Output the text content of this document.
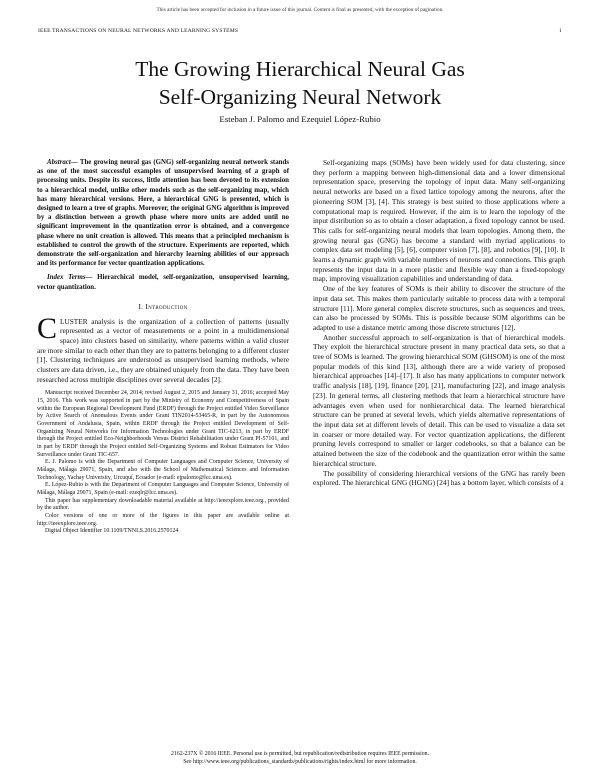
This article has been accepted for inclusion in a future issue of this journal. Content is final as presented, with the exception of pagination.
IEEE TRANSACTIONS ON NEURAL NETWORKS AND LEARNING SYSTEMS	1
The Growing Hierarchical Neural Gas
Self-Organizing Neural Network
Esteban J. Palomo and Ezequiel López-Rubio

Abstract— The growing neural gas (GNG) self-organizing neural network stands as one of the most successful examples of unsupervised learning of a graph of processing units. Despite its success, little attention has been devoted to its extension to a hierarchical model, unlike other models such as the self-organizing map, which has many hierarchical versions. Here, a hierarchical GNG is presented, which is designed to learn a tree of graphs. Moreover, the original GNG algorithm is improved by a distinction between a growth phase where more units are added until no significant improvement in the quantization error is obtained, and a convergence phase where no unit creation is allowed. This means that a principled mechanism is established to control the growth of the structure. Experiments are reported, which demonstrate the self-organization and hierarchy learning abilities of our approach and its performance for vector quantization applications.

Index Terms— Hierarchical model, self-organization, unsupervised learning, vector quantization.

I. Introduction

CLUSTER analysis is the organization of a collection of patterns (usually represented as a vector of measurements or a point in a multidimensional space) into clusters based on similarity, where patterns within a valid cluster are more similar to each other than they are to patterns belonging to a different cluster [1]. Clustering techniques are understood as unsupervised learning methods, where clusters are data driven, i.e., they are obtained uniquely from the data. They have been researched across multiple disciplines over several decades [2].

Manuscript received December 24, 2014; revised August 2, 2015 and January 31, 2016; accepted May 15, 2016. This work was supported in part by the Ministry of Economy and Competitiveness of Spain within the European Regional Development Fund (ERDF) through the Project entitled Video Surveillance by Active Search of Anomalous Events under Grant TIN2014-53465-R, in part by the Autonomous Government of Andalusia, Spain, within ERDF through the Project entitled Development of Self-Organizing Neural Networks for Information Technologies under Grant TIC-6213, in part by ERDF through the Project entitled Eco-Neighborhoods Versus District Rehabilitation under Grant PI-57101, and in part by ERDF through the Project entitled Self-Organizing Systems and Robust Estimators for Video Surveillance under Grant TIC-657.

E. J. Palomo is with the Department of Computer Languages and Computer Science, University of Málaga, Málaga 29071, Spain, and also with the School of Mathematical Sciences and Information Technology, Yachay University, Urcuquí, Ecuador (e-mail: ejpalomo@lcc.uma.es).

E. López-Rubio is with the Department of Computer Languages and Computer Science, University of Málaga, Málaga 29071, Spain (e-mail: ezeqlr@lcc.uma.es).

This paper has supplementary downloadable material available at http://ieeexplore.ieee.org., provided by the author.

Color versions of one or more of the figures in this paper are available online at http://ieeexplore.ieee.org.

Digital Object Identifier 10.1109/TNNLS.2016.2570124

Self-organizing maps (SOMs) have been widely used for data clustering, since they perform a mapping between high-dimensional data and a lower dimensional representation space, preserving the topology of input data. Many self-organizing neural networks are based on a fixed lattice topology among the neurons, after the pioneering SOM [3], [4]. This strategy is best suited to those applications where a computational map is required. However, if the aim is to learn the topology of the input distribution so as to obtain a closer adaptation, a fixed topology cannot be used. This calls for self-organizing neural models that learn topologies. Among them, the growing neural gas (GNG) has become a standard with myriad applications to complex data set modeling [5], [6], computer vision [7], [8], and robotics [9], [10]. It learns a dynamic graph with variable numbers of neurons and connections. This graph represents the input data in a more plastic and flexible way than a fixed-topology map, improving visualization capabilities and understanding of data.

One of the key features of SOMs is their ability to discover the structure of the input data set. This makes them particularly suitable to process data with a temporal structure [11]. More general complex discrete structures, such as sequences and trees, can also be processed by SOMs. This is possible because SOM algorithms can be adapted to use a distance metric among those discrete structures [12].

Another successful approach to self-organization is that of hierarchical models. They exploit the hierarchical structure present in many practical data sets, so that a tree of SOMs is learned. The growing hierarchical SOM (GHSOM) is one of the most popular models of this kind [13], although there are a wide variety of proposed hierarchical approaches [14]–[17]. It also has many applications to computer network traffic analysis [18], [19], finance [20], [21], manufacturing [22], and image analysis [23]. In general terms, all clustering methods that learn a hierarchical structure have advantages even when used for nonhierarchical data. The learned hierarchical structure can be pruned at several levels, which yields alternative representations of the input data set at different levels of detail. This can be used to visualize a data set in coarser or more detailed way. For vector quantization applications, the different pruning levels correspond to smaller or larger codebooks, so that a balance can be attained between the size of the codebook and the quantization error within the same hierarchical structure.

The possibility of considering hierarchical versions of the GNG has rarely been explored. The hierarchical GNG (HGNG) [24] has a bottom layer, which consists of a

2162-237X © 2016 IEEE. Personal use is permitted, but republication/redistribution requires IEEE permission.
See http://www.ieee.org/publications_standards/publications/rights/index.html for more information.
